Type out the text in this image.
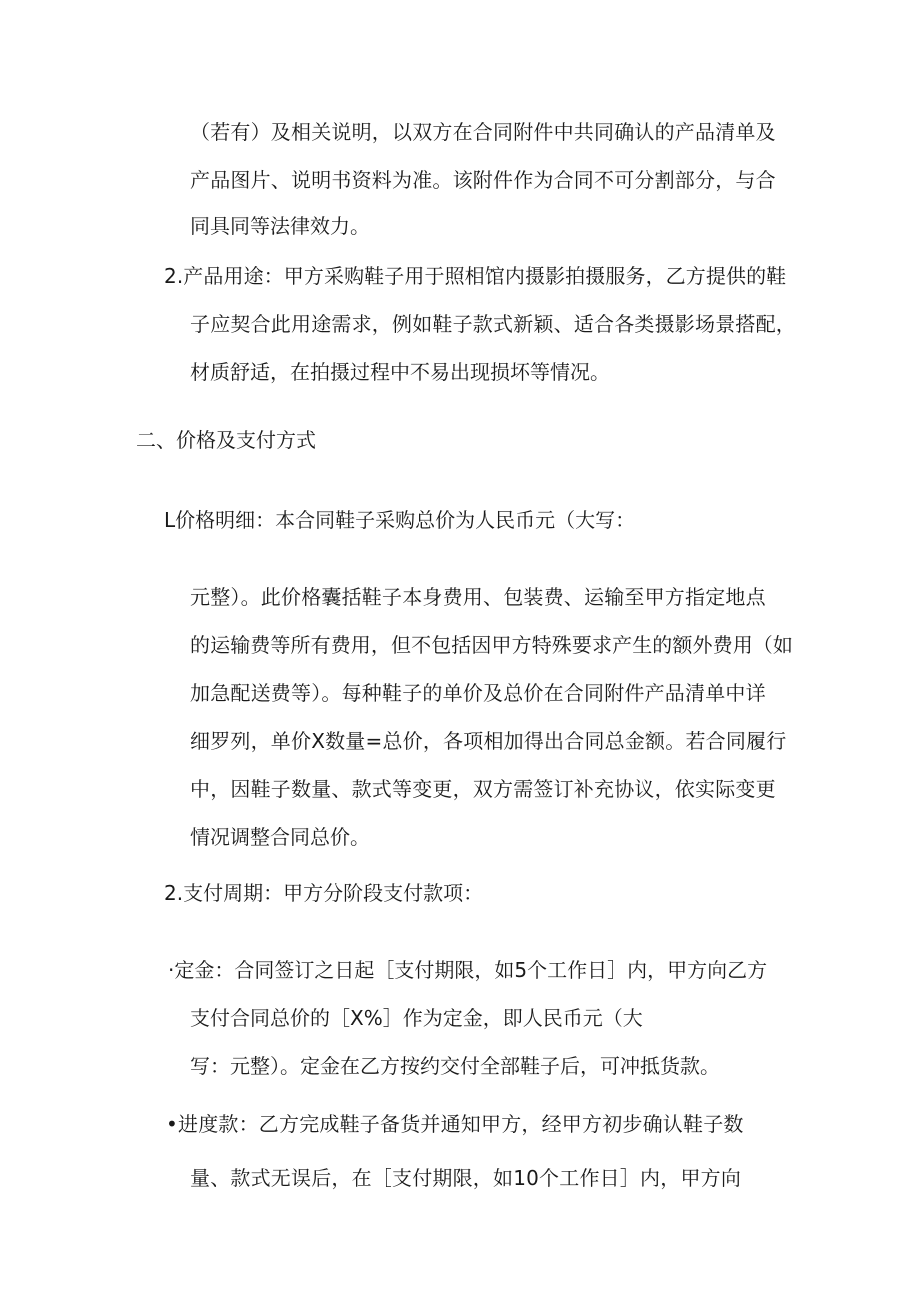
（若有）及相关说明，以双方在合同附件中共同确认的产品清单及
产品图片、说明书资料为准。该附件作为合同不可分割部分，与合
同具同等法律效力。
2.产品用途：甲方采购鞋子用于照相馆内摄影拍摄服务，乙方提供的鞋
子应契合此用途需求，例如鞋子款式新颖、适合各类摄影场景搭配，
材质舒适，在拍摄过程中不易出现损坏等情况。
二、价格及支付方式
L价格明细：本合同鞋子采购总价为人民币元（大写：
元整）。此价格囊括鞋子本身费用、包装费、运输至甲方指定地点
的运输费等所有费用，但不包括因甲方特殊要求产生的额外费用（如
加急配送费等）。每种鞋子的单价及总价在合同附件产品清单中详
细罗列，单价X数量=总价，各项相加得出合同总金额。若合同履行
中，因鞋子数量、款式等变更，双方需签订补充协议，依实际变更
情况调整合同总价。
2.支付周期：甲方分阶段支付款项：
·定金：合同签订之日起［支付期限，如5个工作日］内，甲方向乙方
支付合同总价的［X%］作为定金，即人民币元（大
写：元整）。定金在乙方按约交付全部鞋子后，可冲抵货款。
•进度款：乙方完成鞋子备货并通知甲方，经甲方初步确认鞋子数
量、款式无误后，在［支付期限，如10个工作日］内，甲方向
